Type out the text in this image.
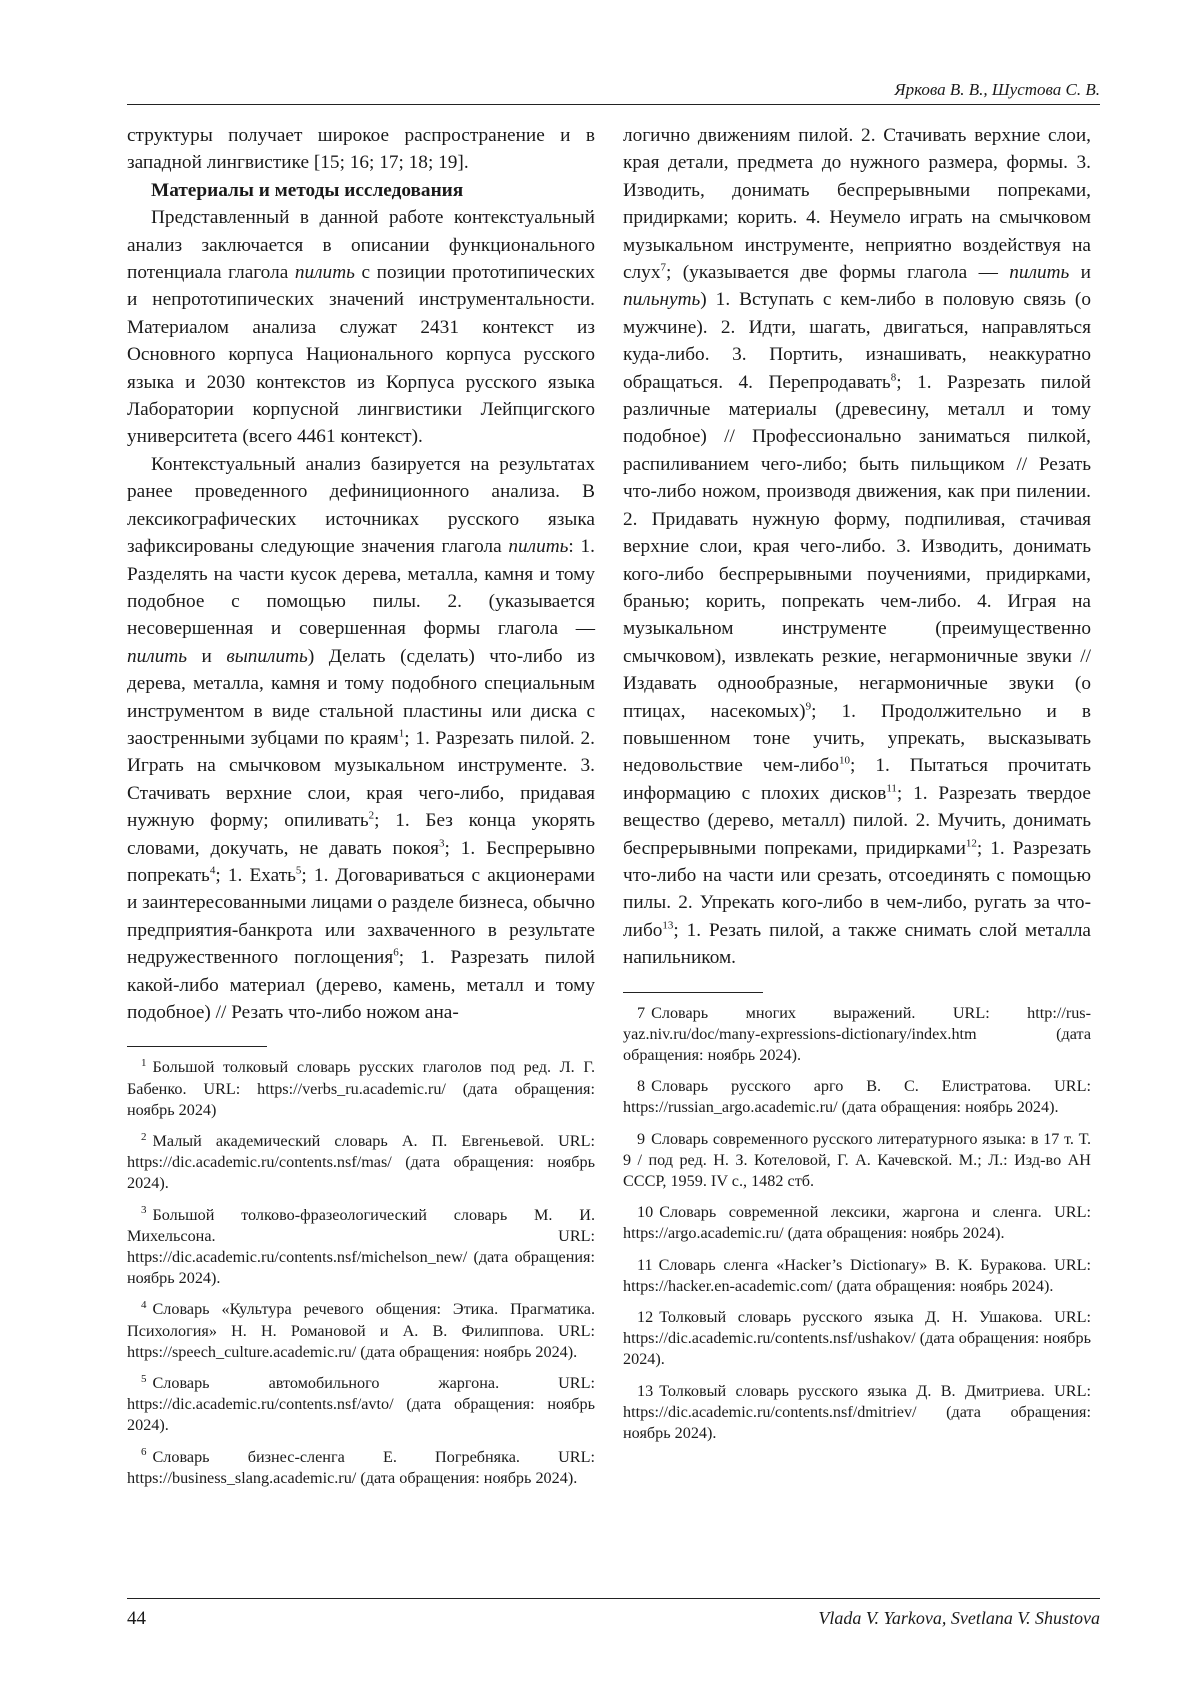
Яркова В. В., Шустова С. В.

структуры получает широкое распространение и в западной лингвистике [15; 16; 17; 18; 19].

Материалы и методы исследования

Представленный в данной работе контекстуальный анализ заключается в описании функционального потенциала глагола пилить с позиции прототипических и непрототипических значений инструментальности. Материалом анализа служат 2431 контекст из Основного корпуса Национального корпуса русского языка и 2030 контекстов из Корпуса русского языка Лаборатории корпусной лингвистики Лейпцигского университета (всего 4461 контекст).

Контекстуальный анализ базируется на результатах ранее проведенного дефиниционного анализа. В лексикографических источниках русского языка зафиксированы следующие значения глагола пилить: 1. Разделять на части кусок дерева, металла, камня и тому подобное с помощью пилы. 2. (указывается несовершенная и совершенная формы глагола — пилить и выпилить) Делать (сделать) что-либо из дерева, металла, камня и тому подобного специальным инструментом в виде стальной пластины или диска с заостренными зубцами по краям$^1$; 1. Разрезать пилой. 2. Играть на смычковом музыкальном инструменте. 3. Стачивать верхние слои, края чего-либо, придавая нужную форму; опиливать$^2$; 1. Без конца укорять словами, докучать, не давать покоя$^3$; 1. Беспрерывно попрекать$^4$; 1. Ехать$^5$; 1. Договариваться с акционерами и заинтересованными лицами о разделе бизнеса, обычно предприятия-банкрота или захваченного в результате недружественного поглощения$^6$; 1. Разрезать пилой какой-либо материал (дерево, камень, металл и тому подобное) // Резать что-либо ножом ана-

$^1$ Большой толковый словарь русских глаголов под ред. Л. Г. Бабенко. URL: https://verbs_ru.academic.ru/ (дата обращения: ноябрь 2024)

$^2$ Малый академический словарь А. П. Евгеньевой. URL: https://dic.academic.ru/contents.nsf/mas/ (дата обращения: ноябрь 2024).

$^3$ Большой толково-фразеологический словарь М. И. Михельсона. URL: https://dic.academic.ru/contents.nsf/michelson_new/ (дата обращения: ноябрь 2024).

$^4$ Словарь «Культура речевого общения: Этика. Прагматика. Психология» Н. Н. Романовой и А. В. Филипповa. URL: https://speech_culture.academic.ru/ (дата обращения: ноябрь 2024).

$^5$ Словарь автомобильного жаргона. URL: https://dic.academic.ru/contents.nsf/avto/ (дата обращения: ноябрь 2024).

$^6$ Словарь бизнес-сленга Е. Погребняка. URL: https://business_slang.academic.ru/ (дата обращения: ноябрь 2024).

логично движениям пилой. 2. Стачивать верхние слои, края детали, предмета до нужного размера, формы. 3. Изводить, донимать беспрерывными попреками, придирками; корить. 4. Неумело играть на смычковом музыкальном инструменте, неприятно воздействуя на слух$^7$; (указывается две формы глагола — пилить и пильнуть) 1. Вступать с кем-либо в половую связь (о мужчине). 2. Идти, шагать, двигаться, направляться куда-либо. 3. Портить, изнашивать, неаккуратно обращаться. 4. Перепродавать$^8$; 1. Разрезать пилой различные материалы (древесину, металл и тому подобное) // Профессионально заниматься пилкой, распиливанием чего-либо; быть пильщиком // Резать что-либо ножом, производя движения, как при пилении. 2. Придавать нужную форму, подпиливая, стачивая верхние слои, края чего-либо. 3. Изводить, донимать кого-либо беспрерывными поучениями, придирками, бранью; корить, попрекать чем-либо. 4. Играя на музыкальном инструменте (преимущественно смычковом), извлекать резкие, негармоничные звуки // Издавать однообразные, негармоничные звуки (о птицах, насекомых)$^9$; 1. Продолжительно и в повышенном тоне учить, упрекать, высказывать недовольствие чем-либо$^{10}$; 1. Пытаться прочитать информацию с плохих дисков$^{11}$; 1. Разрезать твердое вещество (дерево, металл) пилой. 2. Мучить, донимать беспрерывными попреками, придирками$^{12}$; 1. Разрезать что-либо на части или срезать, отсоединять с помощью пилы. 2. Упрекать кого-либо в чем-либо, ругать за что-либо$^{13}$; 1. Резать пилой, а также снимать слой металла напильником.

7 Словарь многих выражений. URL: http://rus-yaz.niv.ru/doc/many-expressions-dictionary/index.htm (дата обращения: ноябрь 2024).

8 Словарь русского арго В. С. Елистратова. URL: https://russian_argo.academic.ru/ (дата обращения: ноябрь 2024).

9 Словарь современного русского литературного языка: в 17 т. Т. 9 / под ред. Н. З. Котеловой, Г. А. Качевской. М.; Л.: Изд-во АН СССР, 1959. IV с., 1482 стб.

10 Словарь современной лексики, жаргона и сленга. URL: https://argo.academic.ru/ (дата обращения: ноябрь 2024).

11 Словарь сленга «Hacker’s Dictionary» В. К. Буракова. URL: https://hacker.en-academic.com/ (дата обращения: ноябрь 2024).

12 Толковый словарь русского языка Д. Н. Ушакова. URL: https://dic.academic.ru/contents.nsf/ushakov/ (дата обращения: ноябрь 2024).

13 Толковый словарь русского языка Д. В. Дмитриева. URL: https://dic.academic.ru/contents.nsf/dmitriev/ (дата обращения: ноябрь 2024).

44	Vlada V. Yarkova, Svetlana V. Shustova
